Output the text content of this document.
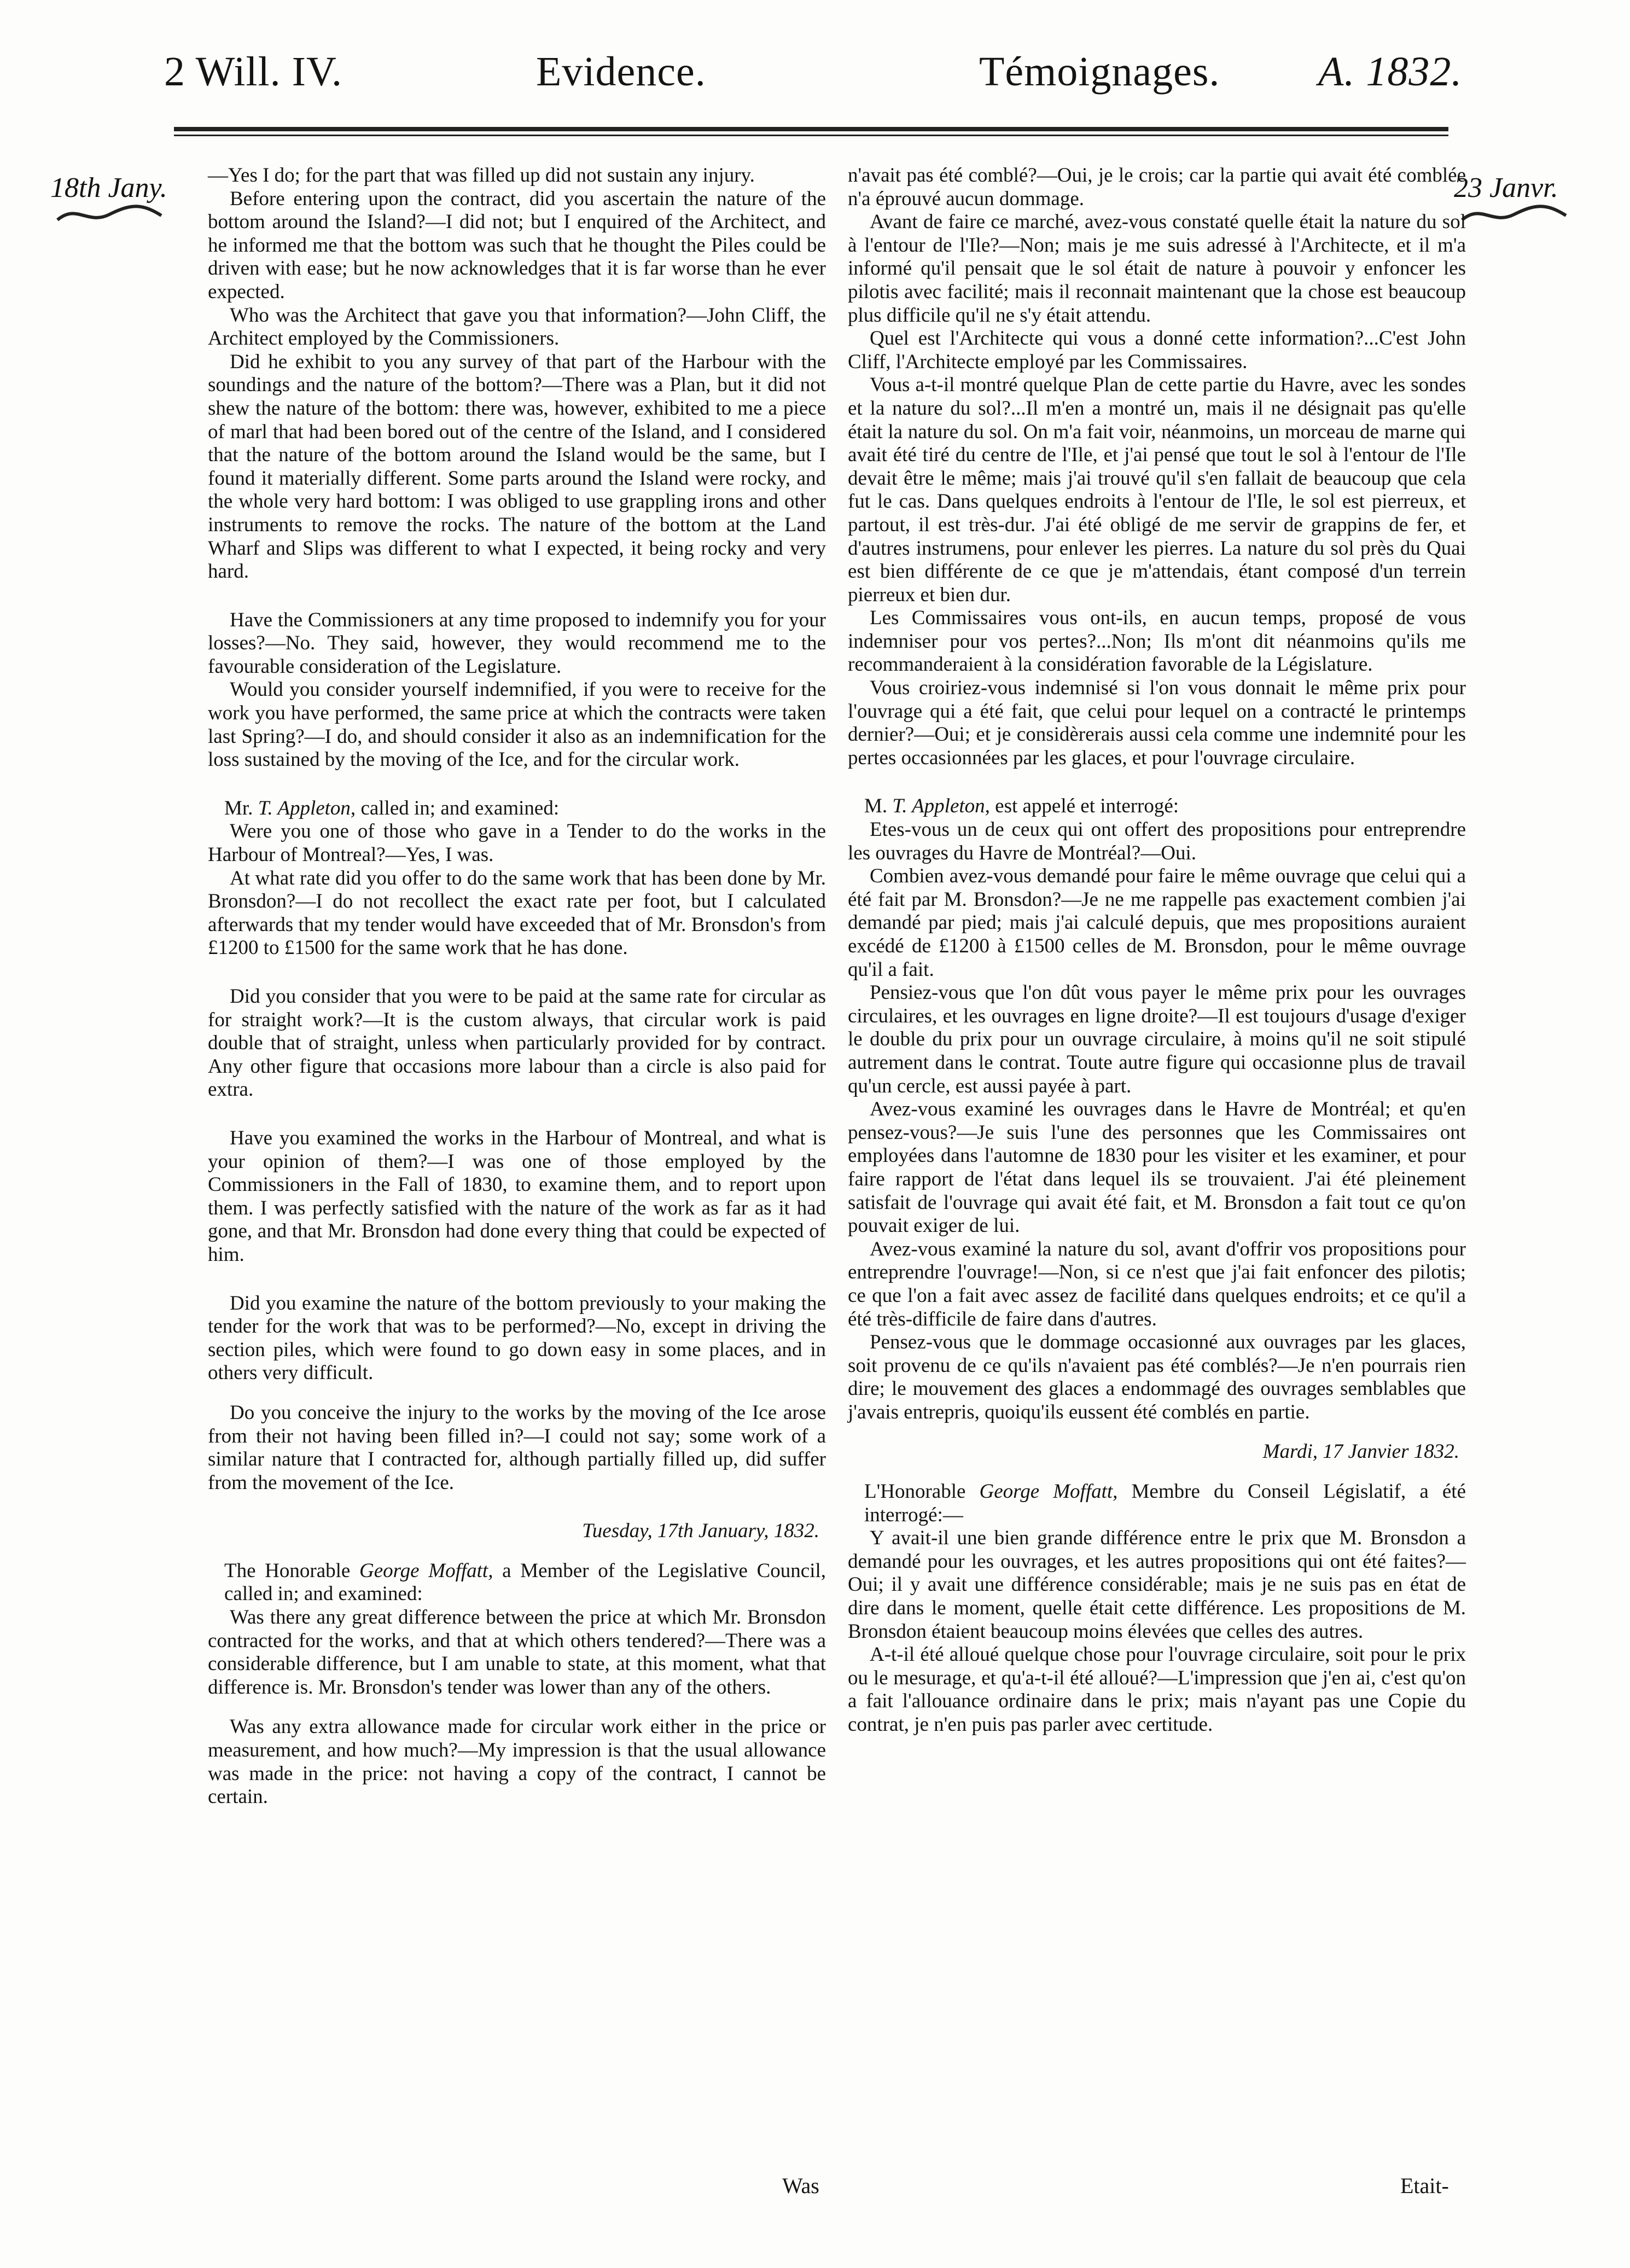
2 Will. IV.	Evidence.	Témoignages. A. 1832.
18th Jany.	23 Janvr.

—Yes I do; for the part that was filled up did not sustain any injury.

Before entering upon the contract, did you ascertain the nature of the bottom around the Island?—I did not; but I enquired of the Architect, and he informed me that the bottom was such that he thought the Piles could be driven with ease; but he now acknowledges that it is far worse than he ever expected.

Who was the Architect that gave you that information?—John Cliff, the Architect employed by the Commissioners.

Did he exhibit to you any survey of that part of the Harbour with the soundings and the nature of the bottom?—There was a Plan, but it did not shew the nature of the bottom: there was, however, exhibited to me a piece of marl that had been bored out of the centre of the Island, and I considered that the nature of the bottom around the Island would be the same, but I found it materially different. Some parts around the Island were rocky, and the whole very hard bottom: I was obliged to use grappling irons and other instruments to remove the rocks. The nature of the bottom at the Land Wharf and Slips was different to what I expected, it being rocky and very hard.

Have the Commissioners at any time proposed to indemnify you for your losses?—No. They said, however, they would recommend me to the favourable consideration of the Legislature.

Would you consider yourself indemnified, if you were to receive for the work you have performed, the same price at which the contracts were taken last Spring?—I do, and should consider it also as an indemnification for the loss sustained by the moving of the Ice, and for the circular work.

Mr. T. Appleton, called in; and examined:

Were you one of those who gave in a Tender to do the works in the Harbour of Montreal?—Yes, I was.

At what rate did you offer to do the same work that has been done by Mr. Bronsdon?—I do not recollect the exact rate per foot, but I calculated afterwards that my tender would have exceeded that of Mr. Bronsdon's from £1200 to £1500 for the same work that he has done.

Did you consider that you were to be paid at the same rate for circular as for straight work?—It is the custom always, that circular work is paid double that of straight, unless when particularly provided for by contract. Any other figure that occasions more labour than a circle is also paid for extra.

Have you examined the works in the Harbour of Montreal, and what is your opinion of them?—I was one of those employed by the Commissioners in the Fall of 1830, to examine them, and to report upon them. I was perfectly satisfied with the nature of the work as far as it had gone, and that Mr. Bronsdon had done every thing that could be expected of him.

Did you examine the nature of the bottom previously to your making the tender for the work that was to be performed?—No, except in driving the section piles, which were found to go down easy in some places, and in others very difficult.

Do you conceive the injury to the works by the moving of the Ice arose from their not having been filled in?—I could not say; some work of a similar nature that I contracted for, although partially filled up, did suffer from the movement of the Ice.

Tuesday, 17th January, 1832.

The Honorable George Moffatt, a Member of the Legislative Council, called in; and examined:

Was there any great difference between the price at which Mr. Bronsdon contracted for the works, and that at which others tendered?—There was a considerable difference, but I am unable to state, at this moment, what that difference is. Mr. Bronsdon's tender was lower than any of the others.

Was any extra allowance made for circular work either in the price or measurement, and how much?—My impression is that the usual allowance was made in the price: not having a copy of the contract, I cannot be certain.

n'avait pas été comblé?—Oui, je le crois; car la partie qui avait été comblée n'a éprouvé aucun dommage.

Avant de faire ce marché, avez-vous constaté quelle était la nature du sol à l'entour de l'Ile?—Non; mais je me suis adressé à l'Architecte, et il m'a informé qu'il pensait que le sol était de nature à pouvoir y enfoncer les pilotis avec facilité; mais il reconnait maintenant que la chose est beaucoup plus difficile qu'il ne s'y était attendu.

Quel est l'Architecte qui vous a donné cette information?...C'est John Cliff, l'Architecte employé par les Commissaires.

Vous a-t-il montré quelque Plan de cette partie du Havre, avec les sondes et la nature du sol?...Il m'en a montré un, mais il ne désignait pas qu'elle était la nature du sol. On m'a fait voir, néanmoins, un morceau de marne qui avait été tiré du centre de l'Ile, et j'ai pensé que tout le sol à l'entour de l'Ile devait être le même; mais j'ai trouvé qu'il s'en fallait de beaucoup que cela fut le cas. Dans quelques endroits à l'entour de l'Ile, le sol est pierreux, et partout, il est très-dur. J'ai été obligé de me servir de grappins de fer, et d'autres instrumens, pour enlever les pierres. La nature du sol près du Quai est bien différente de ce que je m'attendais, étant composé d'un terrein pierreux et bien dur.

Les Commissaires vous ont-ils, en aucun temps, proposé de vous indemniser pour vos pertes?...Non; Ils m'ont dit néanmoins qu'ils me recommanderaient à la considération favorable de la Législature.

Vous croiriez-vous indemnisé si l'on vous donnait le même prix pour l'ouvrage qui a été fait, que celui pour lequel on a contracté le printemps dernier?—Oui; et je considèrerais aussi cela comme une indemnité pour les pertes occasionnées par les glaces, et pour l'ouvrage circulaire.

M. T. Appleton, est appelé et interrogé:

Etes-vous un de ceux qui ont offert des propositions pour entreprendre les ouvrages du Havre de Montréal?—Oui.

Combien avez-vous demandé pour faire le même ouvrage que celui qui a été fait par M. Bronsdon?—Je ne me rappelle pas exactement combien j'ai demandé par pied; mais j'ai calculé depuis, que mes propositions auraient excédé de £1200 à £1500 celles de M. Bronsdon, pour le même ouvrage qu'il a fait.

Pensiez-vous que l'on dût vous payer le même prix pour les ouvrages circulaires, et les ouvrages en ligne droite?—Il est toujours d'usage d'exiger le double du prix pour un ouvrage circulaire, à moins qu'il ne soit stipulé autrement dans le contrat. Toute autre figure qui occasionne plus de travail qu'un cercle, est aussi payée à part.

Avez-vous examiné les ouvrages dans le Havre de Montréal; et qu'en pensez-vous?—Je suis l'une des personnes que les Commissaires ont employées dans l'automne de 1830 pour les visiter et les examiner, et pour faire rapport de l'état dans lequel ils se trouvaient. J'ai été pleinement satisfait de l'ouvrage qui avait été fait, et M. Bronsdon a fait tout ce qu'on pouvait exiger de lui.

Avez-vous examiné la nature du sol, avant d'offrir vos propositions pour entreprendre l'ouvrage!—Non, si ce n'est que j'ai fait enfoncer des pilotis; ce que l'on a fait avec assez de facilité dans quelques endroits; et ce qu'il a été très-difficile de faire dans d'autres.

Pensez-vous que le dommage occasionné aux ouvrages par les glaces, soit provenu de ce qu'ils n'avaient pas été comblés?—Je n'en pourrais rien dire; le mouvement des glaces a endommagé des ouvrages semblables que j'avais entrepris, quoiqu'ils eussent été comblés en partie.

Mardi, 17 Janvier 1832.

L'Honorable George Moffatt, Membre du Conseil Législatif, a été interrogé:—

Y avait-il une bien grande différence entre le prix que M. Bronsdon a demandé pour les ouvrages, et les autres propositions qui ont été faites?—Oui; il y avait une différence considérable; mais je ne suis pas en état de dire dans le moment, quelle était cette différence. Les propositions de M. Bronsdon étaient beaucoup moins élevées que celles des autres.

A-t-il été alloué quelque chose pour l'ouvrage circulaire, soit pour le prix ou le mesurage, et qu'a-t-il été alloué?—L'impression que j'en ai, c'est qu'on a fait l'allouance ordinaire dans le prix; mais n'ayant pas une Copie du contrat, je n'en puis pas parler avec certitude.

Was	Etait-
